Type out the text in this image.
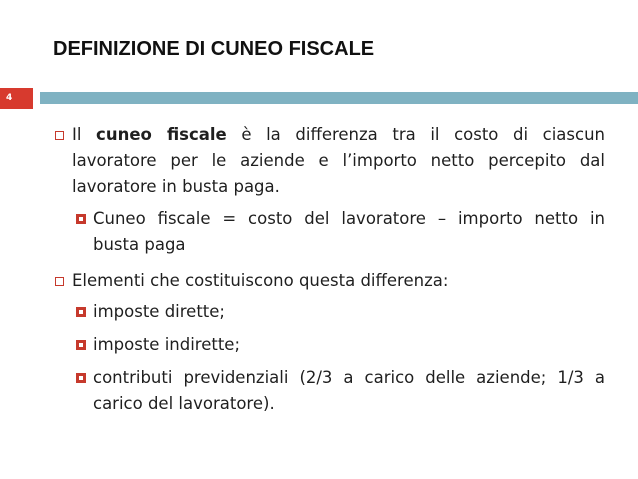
DEFINIZIONE DI CUNEO FISCALE
4
Il cuneo fiscale è la differenza tra il costo di ciascun
lavoratore per le aziende e l’importo netto percepito dal
lavoratore in busta paga.
Cuneo fiscale = costo del lavoratore – importo netto in
busta paga
Elementi che costituiscono questa differenza:
imposte dirette;
imposte indirette;
contributi previdenziali (2/3 a carico delle aziende; 1/3 a
carico del lavoratore).
